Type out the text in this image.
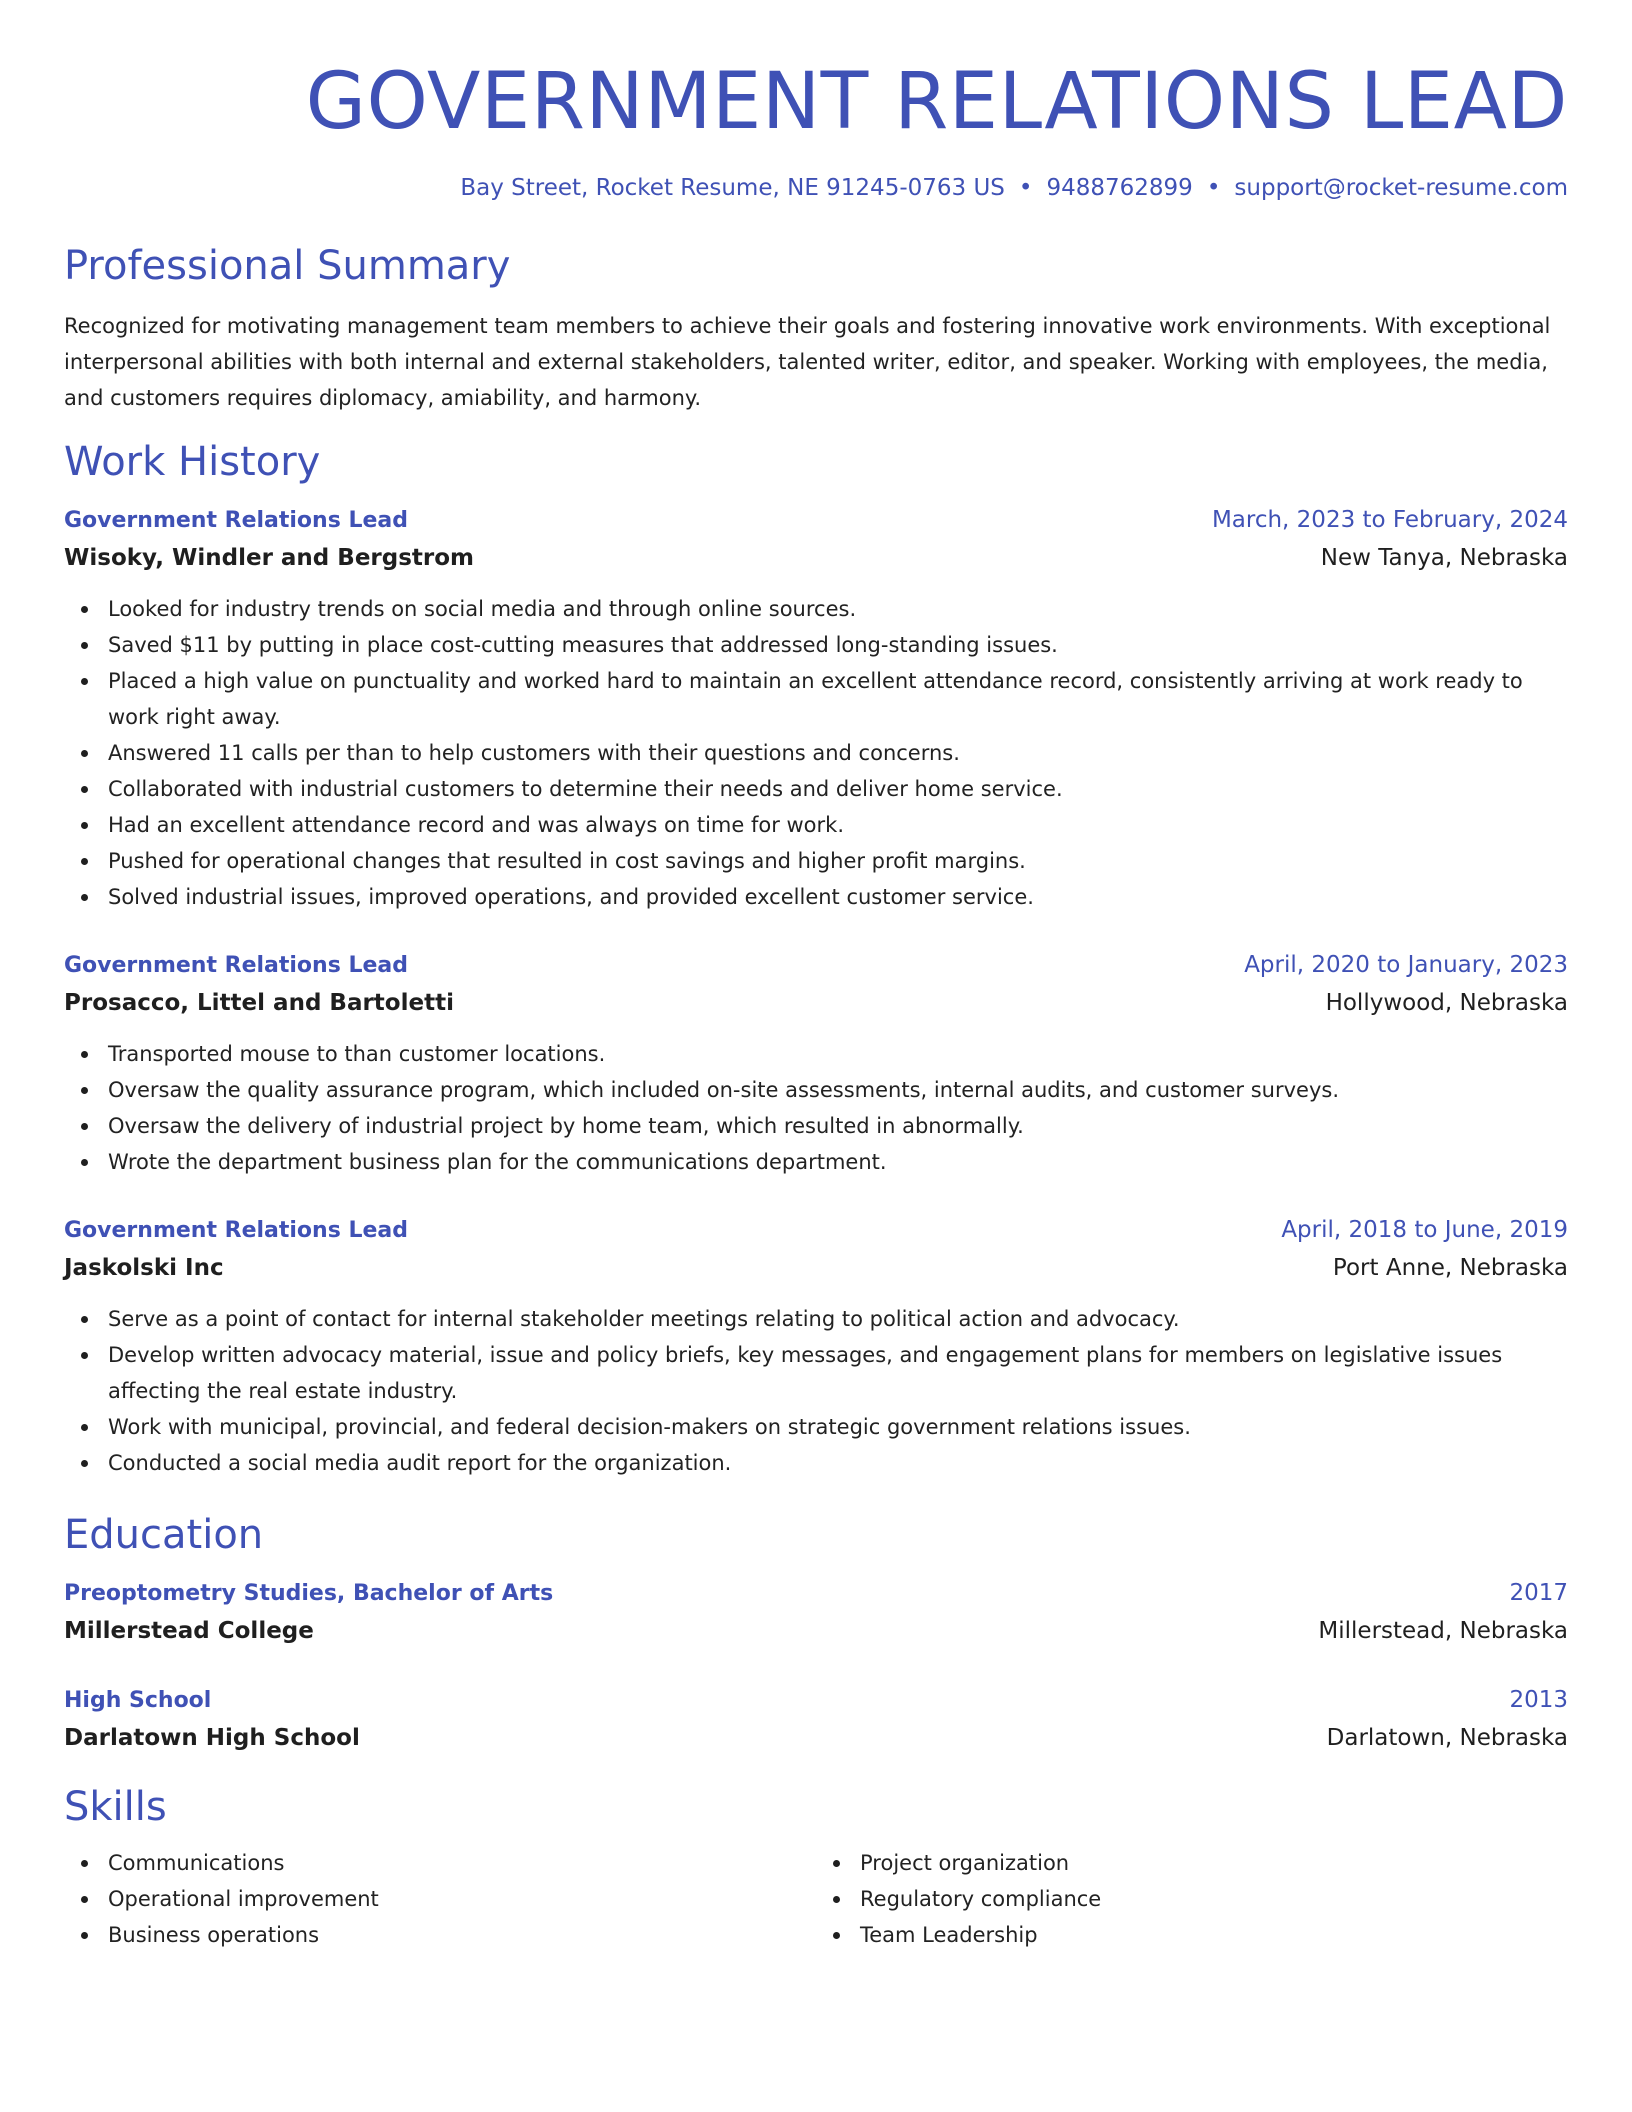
GOVERNMENT RELATIONS LEAD
Bay Street, Rocket Resume, NE 91245-0763 US • 9488762899 • support@rocket-resume.com
Professional Summary
Recognized for motivating management team members to achieve their goals and fostering innovative work environments. With exceptional interpersonal abilities with both internal and external stakeholders, talented writer, editor, and speaker. Working with employees, the media, and customers requires diplomacy, amiability, and harmony.
Work History
Government Relations Lead	March, 2023 to February, 2024
Wisoky, Windler and Bergstrom	New Tanya, Nebraska
Looked for industry trends on social media and through online sources.
Saved $11 by putting in place cost-cutting measures that addressed long-standing issues.
Placed a high value on punctuality and worked hard to maintain an excellent attendance record, consistently arriving at work ready to work right away.
Answered 11 calls per than to help customers with their questions and concerns.
Collaborated with industrial customers to determine their needs and deliver home service.
Had an excellent attendance record and was always on time for work.
Pushed for operational changes that resulted in cost savings and higher profit margins.
Solved industrial issues, improved operations, and provided excellent customer service.
Government Relations Lead	April, 2020 to January, 2023
Prosacco, Littel and Bartoletti	Hollywood, Nebraska
Transported mouse to than customer locations.
Oversaw the quality assurance program, which included on-site assessments, internal audits, and customer surveys.
Oversaw the delivery of industrial project by home team, which resulted in abnormally.
Wrote the department business plan for the communications department.
Government Relations Lead	April, 2018 to June, 2019
Jaskolski Inc	Port Anne, Nebraska
Serve as a point of contact for internal stakeholder meetings relating to political action and advocacy.
Develop written advocacy material, issue and policy briefs, key messages, and engagement plans for members on legislative issues affecting the real estate industry.
Work with municipal, provincial, and federal decision-makers on strategic government relations issues.
Conducted a social media audit report for the organization.
Education
Preoptometry Studies, Bachelor of Arts	2017
Millerstead College	Millerstead, Nebraska
High School	2013
Darlatown High School	Darlatown, Nebraska
Skills
Communications
Operational improvement
Business operations
Project organization
Regulatory compliance
Team Leadership
